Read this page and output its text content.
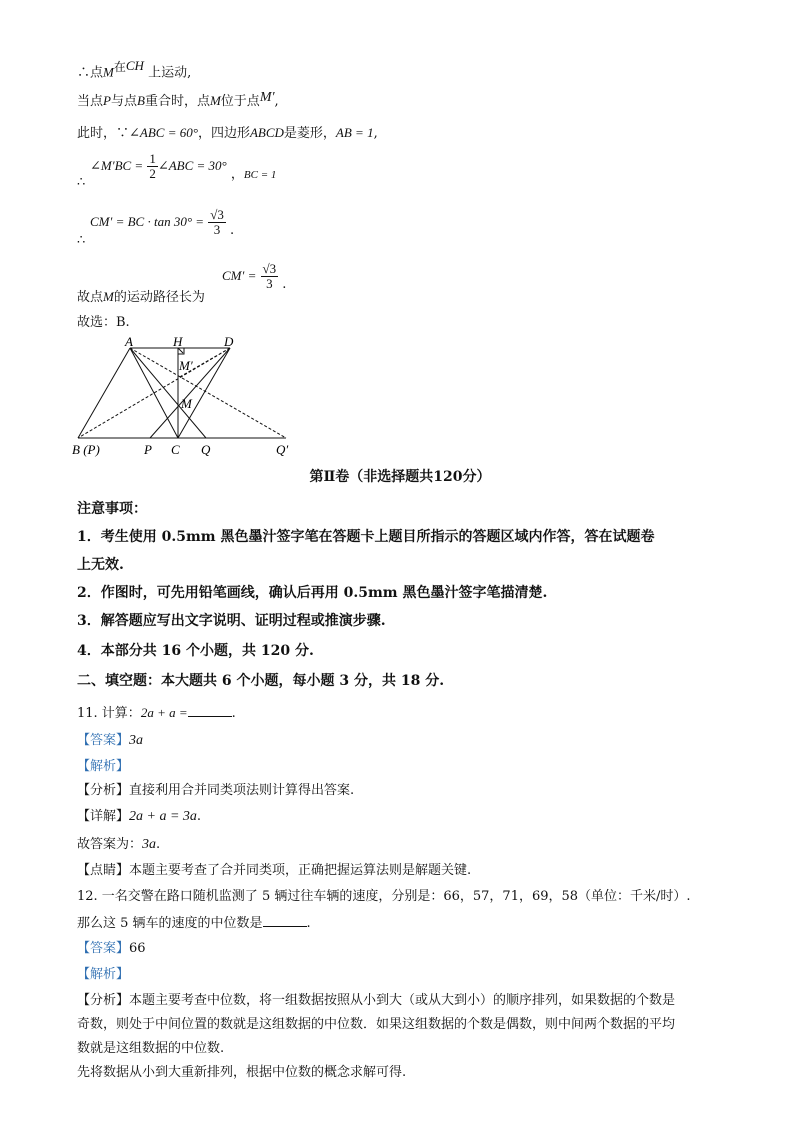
∴点$M^在CH$ 上运动,
当点P与点B重合时，点M位于点M′,
此时，∵∠ABC = 60°，四边形ABCD是菱形，AB = 1,
∠M′BC = $\frac{1}{2}$ ∠ABC = 30° ，$_{BC = 1}$
∴
CM′ = BC · $\tan 30^\circ = \frac{√3}{3}$ .
∴
$CM' = \frac{√3}{3}$ .
故点M的运动路径长为
故选：B.
A	H	D
M′
M
B (P)	P C Q	Q′
第Ⅱ卷（非选择题共120分）
注意事项：
1．考生使用 0.5mm 黑色墨汁签字笔在答题卡上题目所指示的答题区域内作答，答在试题卷
上无效.
2．作图时，可先用铅笔画线，确认后再用 0.5mm 黑色墨汁签字笔描清楚.
3．解答题应写出文字说明、证明过程或推演步骤.
4．本部分共 16 个小题，共 120 分.
二、填空题：本大题共 6 个小题，每小题 3 分，共 18 分.
11. 计算：2a + a =	.
【答案】3a
【解析】
【分析】直接利用合并同类项法则计算得出答案.
【详解】2a + a = 3a.
故答案为：3a.
【点睛】本题主要考查了合并同类项，正确把握运算法则是解题关键.
12. 一名交警在路口随机监测了 5 辆过往车辆的速度，分别是：66，57，71，69，58（单位：千米/时）.
那么这 5 辆车的速度的中位数是	.
【答案】66
【解析】
【分析】本题主要考查中位数，将一组数据按照从小到大（或从大到小）的顺序排列，如果数据的个数是
奇数，则处于中间位置的数就是这组数据的中位数．如果这组数据的个数是偶数，则中间两个数据的平均
数就是这组数据的中位数.
先将数据从小到大重新排列，根据中位数的概念求解可得.
